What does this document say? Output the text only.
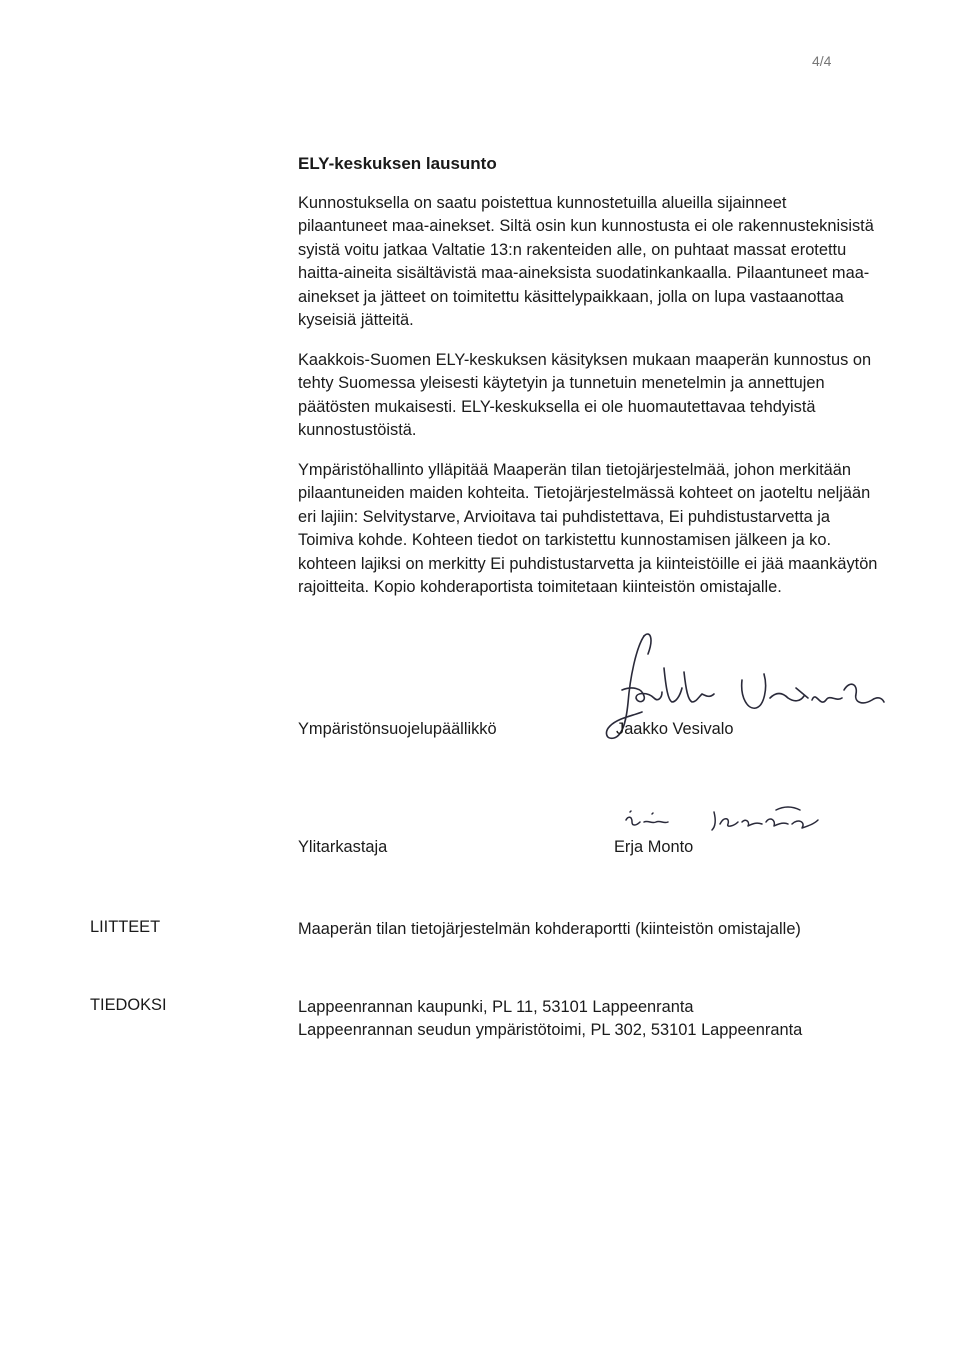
4/4
ELY-keskuksen lausunto

Kunnostuksella on saatu poistettua kunnostetuilla alueilla sijainneet pilaantuneet maa-ainekset. Siltä osin kun kunnostusta ei ole rakennusteknisistä syistä voitu jatkaa Valtatie 13:n rakenteiden alle, on puhtaat massat erotettu haitta-aineita sisältävistä maa-aineksista suodatinkankaalla. Pilaantuneet maa-ainekset ja jätteet on toimitettu käsittelypaikkaan, jolla on lupa vastaanottaa kyseisiä jätteitä.

Kaakkois-Suomen ELY-keskuksen käsityksen mukaan maaperän kunnostus on tehty Suomessa yleisesti käytetyin ja tunnetuin menetelmin ja annettujen päätösten mukaisesti. ELY-keskuksella ei ole huomautettavaa tehdyistä kunnostustöistä.

Ympäristöhallinto ylläpitää Maaperän tilan tietojärjestelmää, johon merkitään pilaantuneiden maiden kohteita. Tietojärjestelmässä kohteet on jaoteltu neljään eri lajiin: Selvitystarve, Arvioitava tai puhdistettava, Ei puhdistustarvetta ja Toimiva kohde. Kohteen tiedot on tarkistettu kunnostamisen jälkeen ja ko. kohteen lajiksi on merkitty Ei puhdistustarvetta ja kiinteistöille ei jää maankäytön rajoitteita. Kopio kohderaportista toimitetaan kiinteistön omistajalle.

Ympäristönsuojelupäällikkö	Jaakko Vesivalo
Ylitarkastaja	Erja Monto
LIITTEET	Maaperän tilan tietojärjestelmän kohderaportti (kiinteistön omistajalle)
TIEDOKSI	Lappeenrannan kaupunki, PL 11, 53101 Lappeenranta
Lappeenrannan seudun ympäristötoimi, PL 302, 53101 Lappeenranta
